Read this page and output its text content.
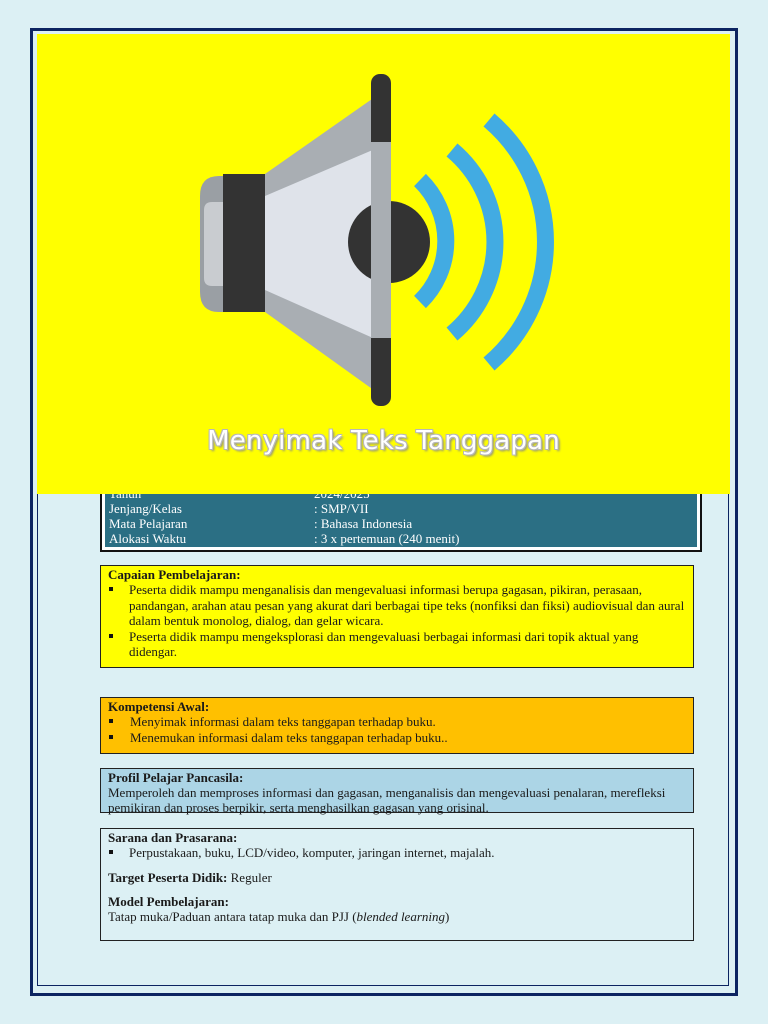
Menyimak Teks Tanggapan
Jenjang/Kelas	: SMP/VII
Mata Pelajaran	: Bahasa Indonesia
Alokasi Waktu	: 3 x pertemuan (240 menit)
Capaian Pembelajaran:
Peserta didik mampu menganalisis dan mengevaluasi informasi berupa gagasan, pikiran, perasaan, pandangan, arahan atau pesan yang akurat dari berbagai tipe teks (nonfiksi dan fiksi) audiovisual dan aural dalam bentuk monolog, dialog, dan gelar wicara.
Peserta didik mampu mengeksplorasi dan mengevaluasi berbagai informasi dari topik aktual yang didengar.
Kompetensi Awal:
Menyimak informasi dalam teks tanggapan terhadap buku.
Menemukan informasi dalam teks tanggapan terhadap buku..
Profil Pelajar Pancasila:

Memperoleh dan memproses informasi dan gagasan, menganalisis dan mengevaluasi penalaran, merefleksi pemikiran dan proses berpikir, serta menghasilkan gagasan yang orisinal.

Sarana dan Prasarana:
Perpustakaan, buku, LCD/video, komputer, jaringan internet, majalah.

Target Peserta Didik: Reguler

Model Pembelajaran:

Tatap muka/Paduan antara tatap muka dan PJJ (blended learning)
